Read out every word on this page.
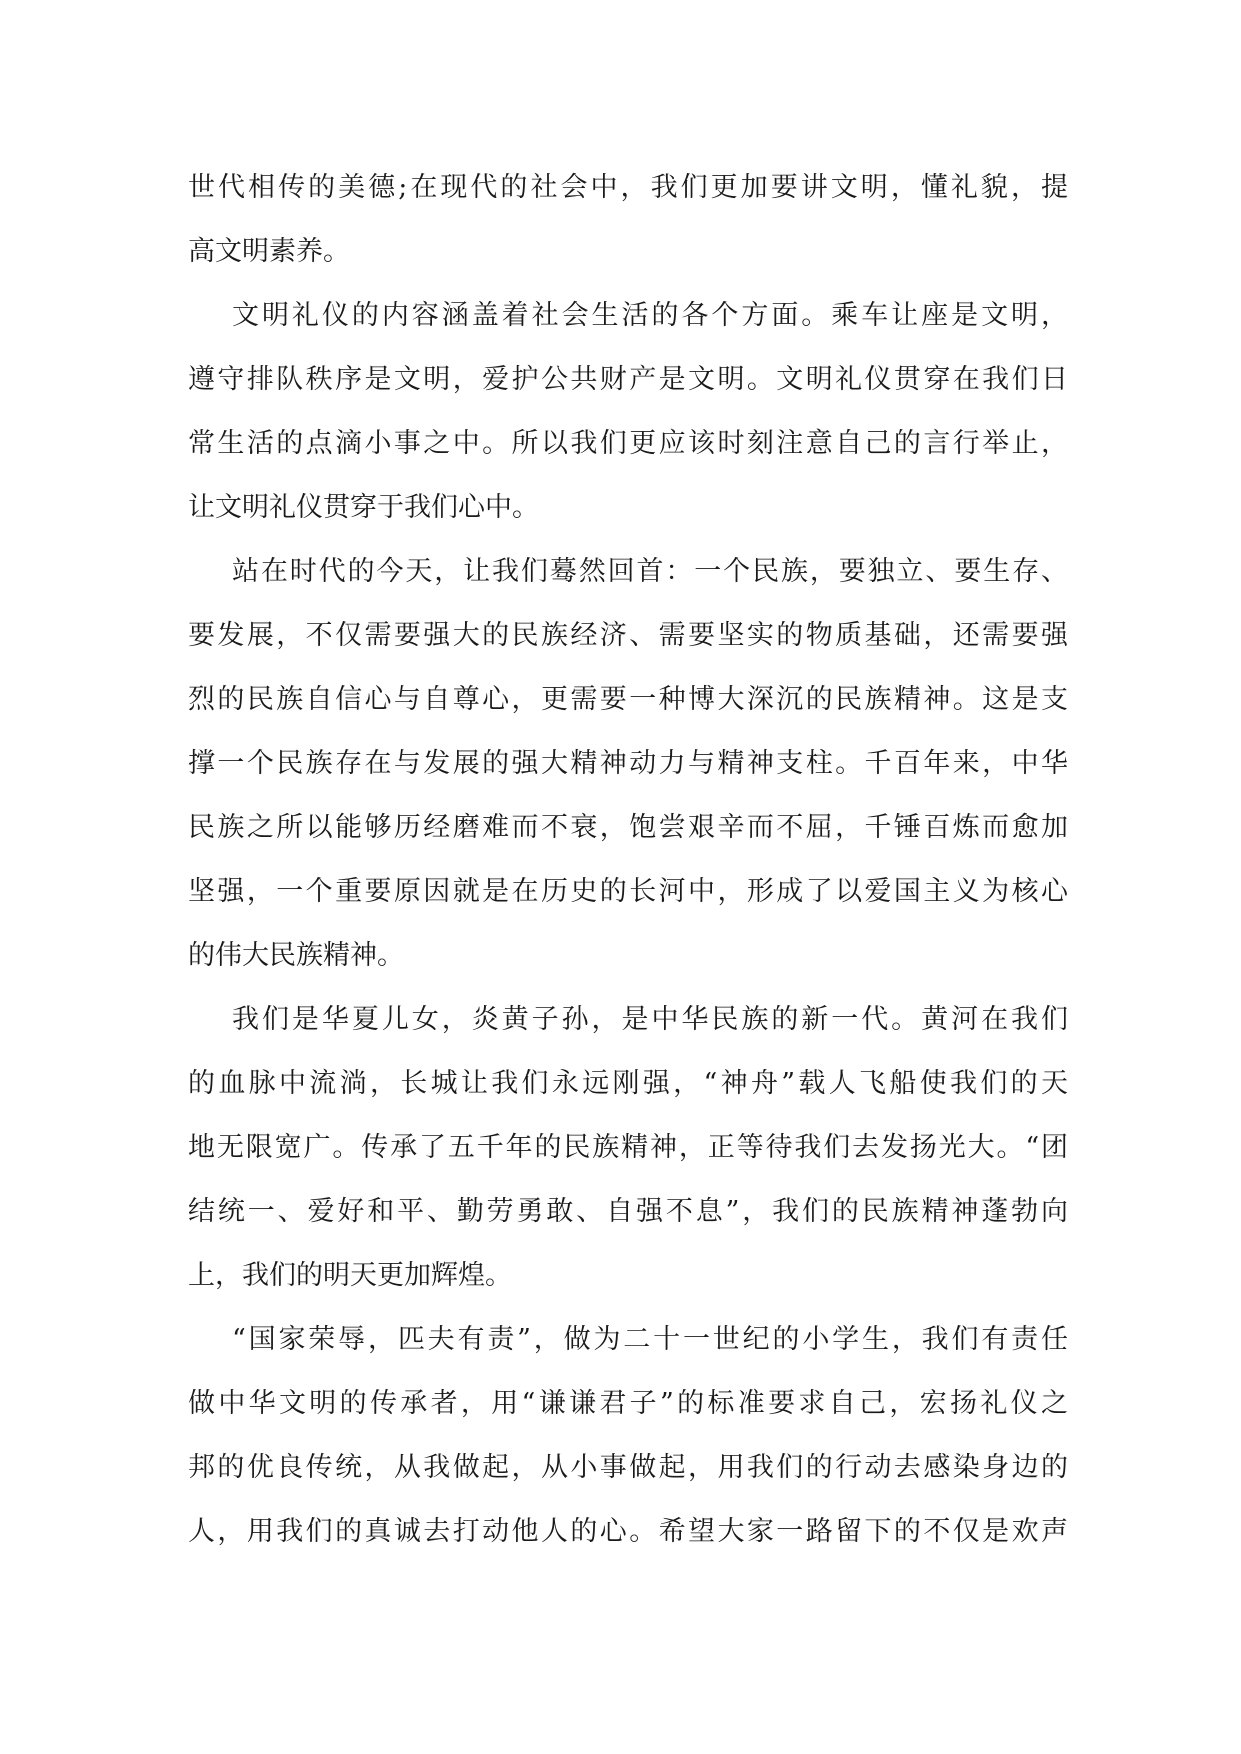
世代相传的美德;在现代的社会中，我们更加要讲文明，懂礼貌，提
高文明素养。
文明礼仪的内容涵盖着社会生活的各个方面。乘车让座是文明，
遵守排队秩序是文明，爱护公共财产是文明。文明礼仪贯穿在我们日
常生活的点滴小事之中。所以我们更应该时刻注意自己的言行举止，
让文明礼仪贯穿于我们心中。
站在时代的今天，让我们蓦然回首：一个民族，要独立、要生存、
要发展，不仅需要强大的民族经济、需要坚实的物质基础，还需要强
烈的民族自信心与自尊心，更需要一种博大深沉的民族精神。这是支
撑一个民族存在与发展的强大精神动力与精神支柱。千百年来，中华
民族之所以能够历经磨难而不衰，饱尝艰辛而不屈，千锤百炼而愈加
坚强，一个重要原因就是在历史的长河中，形成了以爱国主义为核心
的伟大民族精神。
我们是华夏儿女，炎黄子孙，是中华民族的新一代。黄河在我们
的血脉中流淌，长城让我们永远刚强，“神舟”载人飞船使我们的天
地无限宽广。传承了五千年的民族精神，正等待我们去发扬光大。“团
结统一、爱好和平、勤劳勇敢、自强不息”，我们的民族精神蓬勃向
上，我们的明天更加辉煌。
“国家荣辱，匹夫有责”，做为二十一世纪的小学生，我们有责任
做中华文明的传承者，用“谦谦君子”的标准要求自己，宏扬礼仪之
邦的优良传统，从我做起，从小事做起，用我们的行动去感染身边的
人，用我们的真诚去打动他人的心。希望大家一路留下的不仅是欢声
